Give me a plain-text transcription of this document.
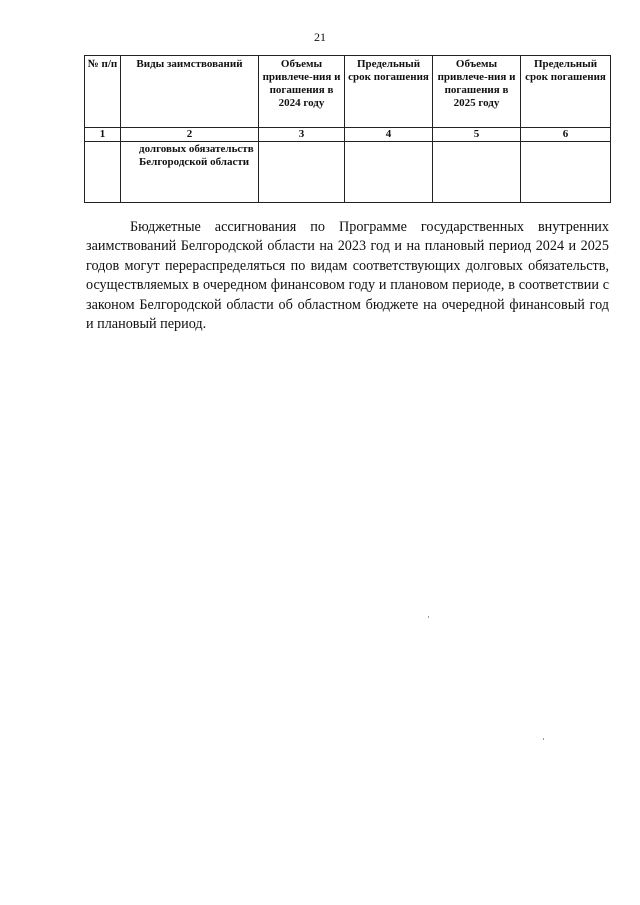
21
№ п/п	Виды заимствований	Объемы привлече-ния и погашения в 2024 году	Предельный срок погашения	Объемы привлече-ния и погашения в 2025 году	Предельный срок погашения
1	2	3	4	5	6
	долговых обязательств Белгородской области				

Бюджетные ассигнования по Программе государственных внутренних заимствований Белгородской области на 2023 год и на плановый период 2024 и 2025 годов могут перераспределяться по видам соответствующих долговых обязательств, осуществляемых в очередном финансовом году и плановом периоде, в соответствии с законом Белгородской области об областном бюджете на очередной финансовый год и плановый период.
